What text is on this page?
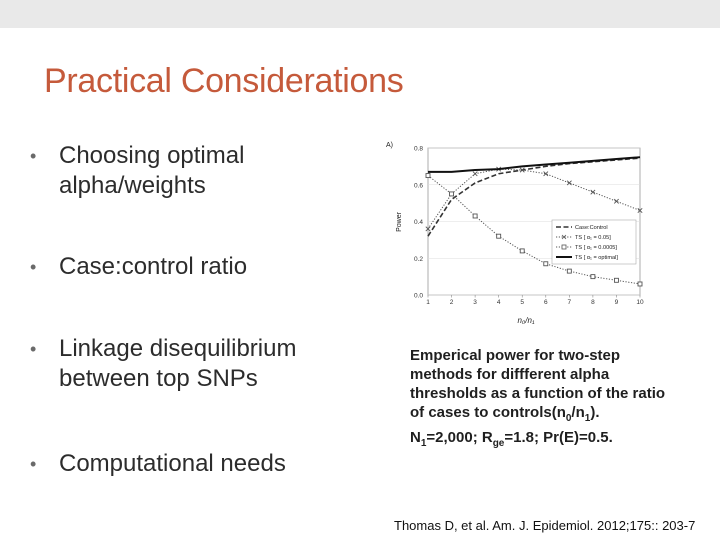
Practical Considerations
• Choosing optimal alpha/weights
• Case:control ratio
• Linkage disequilibrium between top SNPs
• Computational needs
A)
Power
n₀/n₁
0.0
0.2
0.4
0.6
0.8
1	2	3	4	5	6	7	8	9	10
Case:Control
TS [ α₁ = 0.05]
TS [ α₁ = 0.0005]
TS [ α₁ = optimal]
Emperical power for two-step methods for diffferent alpha thresholds as a function of the ratio of cases to $controls(n_0/n_1)$. $N_1=2,000$; $R_{ge}=1.8$; Pr(E)=0.5.
Thomas D, et al. Am. J. Epidemiol. 2012;175:: 203-7
